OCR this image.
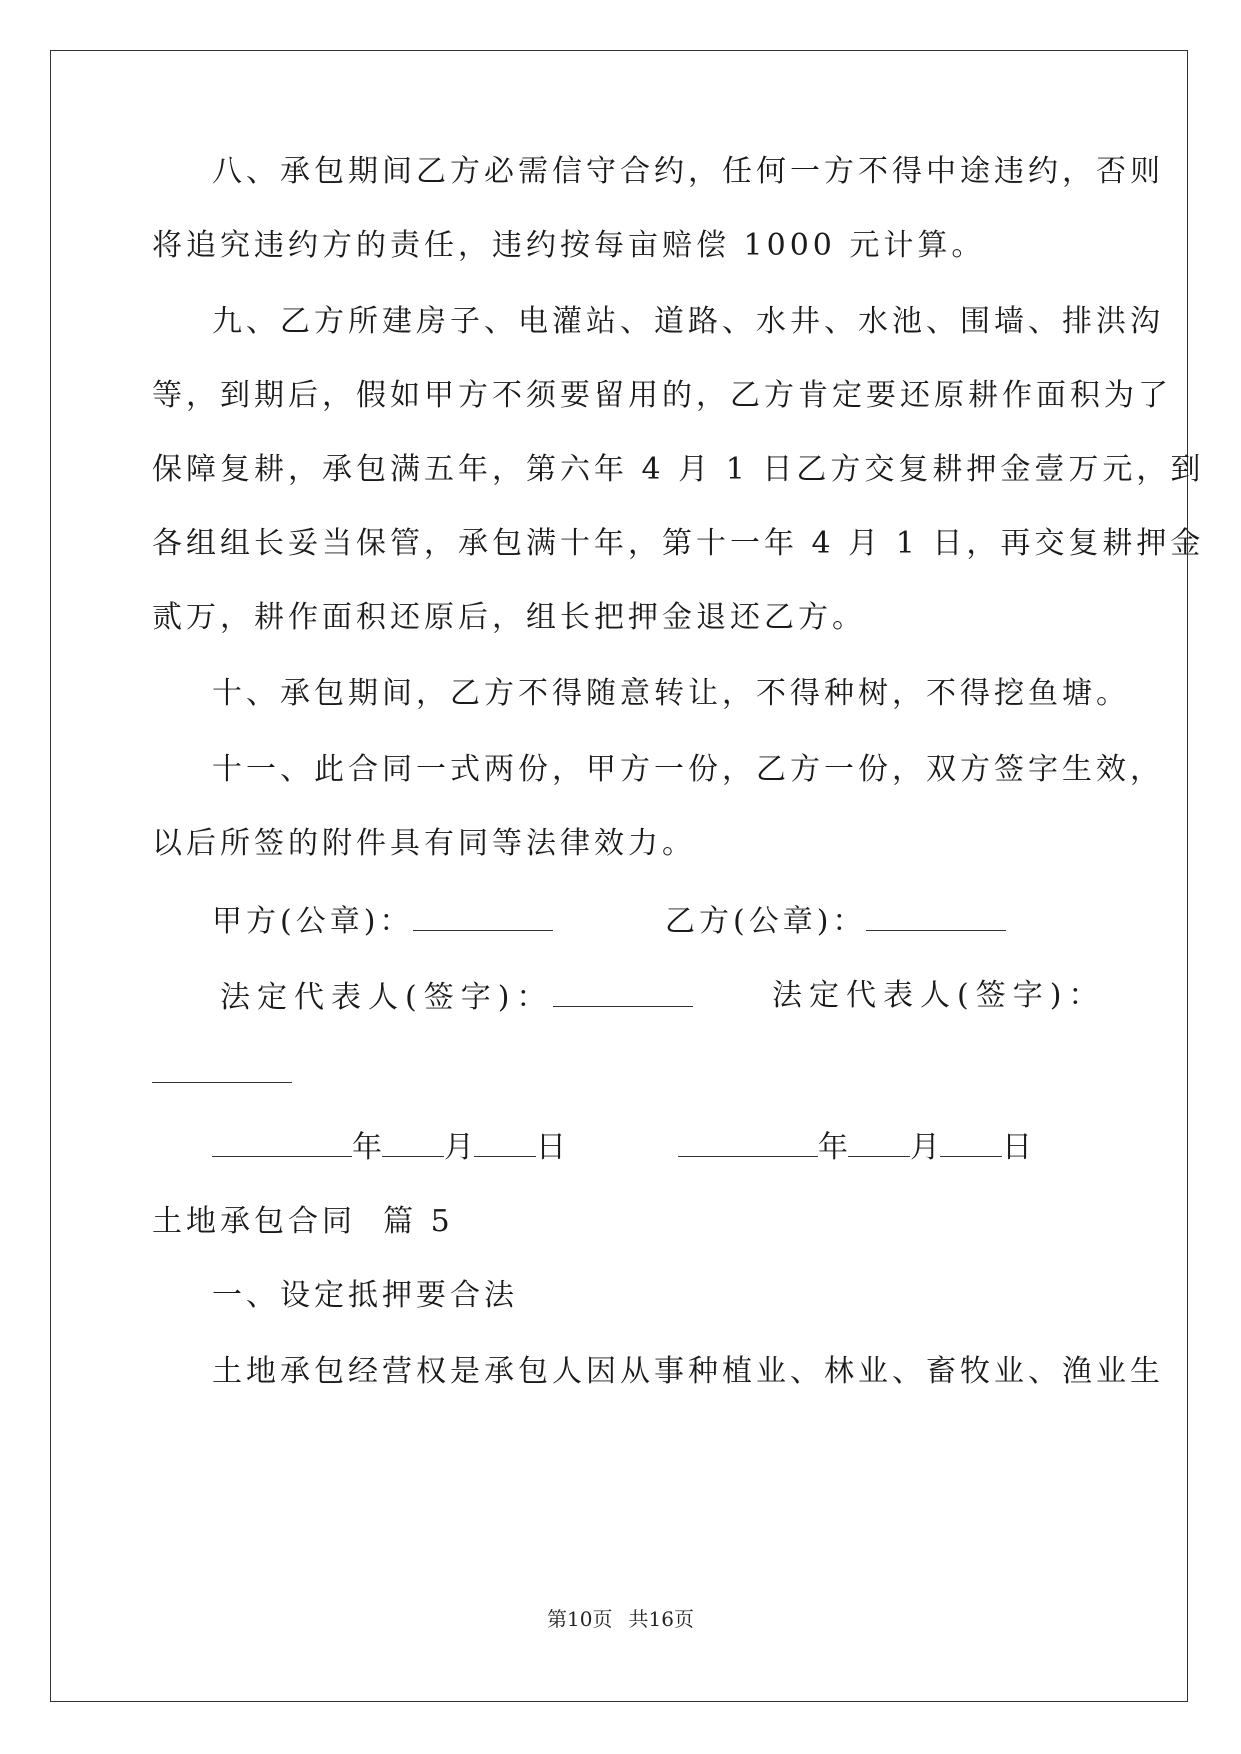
八、承包期间乙方必需信守合约，任何一方不得中途违约，否则
将追究违约方的责任，违约按每亩赔偿 1000 元计算。
九、乙方所建房子、电灌站、道路、水井、水池、围墙、排洪沟
等，到期后，假如甲方不须要留用的，乙方肯定要还原耕作面积为了
保障复耕，承包满五年，第六年 4 月 1 日乙方交复耕押金壹万元，到
各组组长妥当保管，承包满十年，第十一年 4 月 1 日，再交复耕押金
贰万，耕作面积还原后，组长把押金退还乙方。
十、承包期间，乙方不得随意转让，不得种树，不得挖鱼塘。
十一、此合同一式两份，甲方一份，乙方一份，双方签字生效，
以后所签的附件具有同等法律效力。
甲方(公章)：	乙方(公章)：
法定代表人(签字)：	法定代表人(签字)：
年 月 日	年 月 日
土地承包合同  篇 5
一、设定抵押要合法
土地承包经营权是承包人因从事种植业、林业、畜牧业、渔业生
第10页 共16页
